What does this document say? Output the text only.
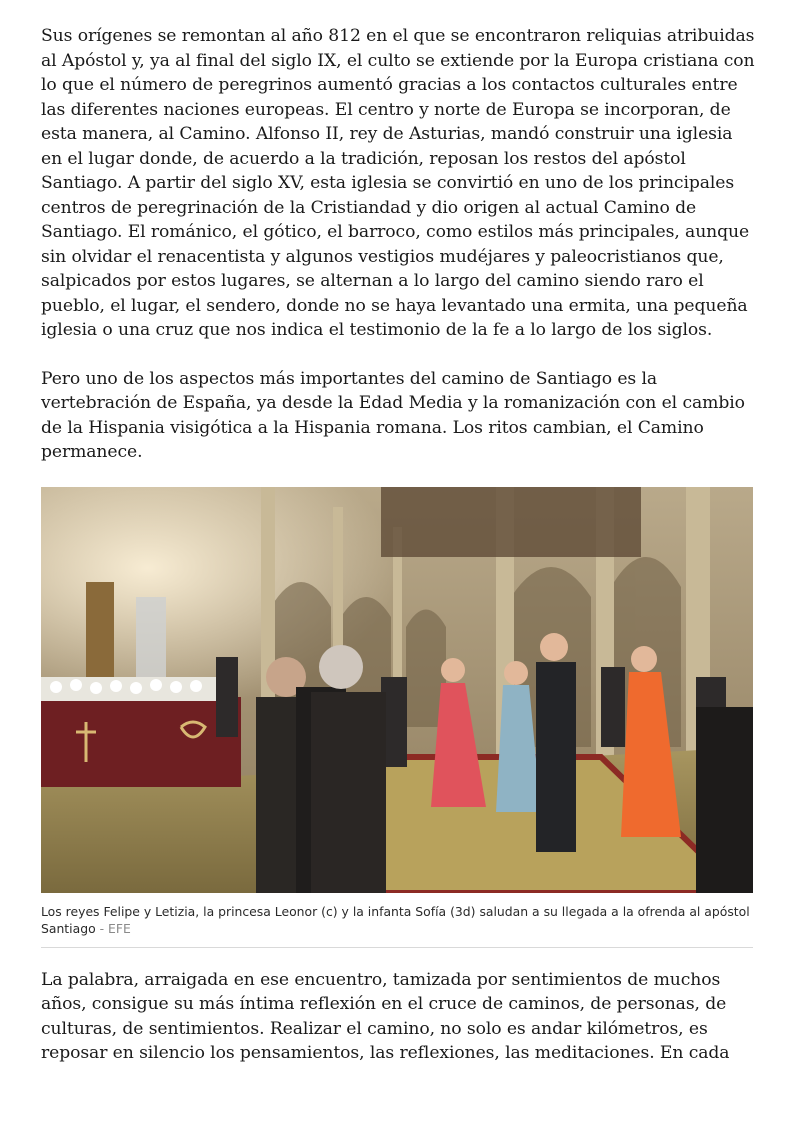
Sus orígenes se remontan al año 812 en el que se encontraron reliquias atribuidas al Apóstol y, ya al final del siglo IX, el culto se extiende por la Europa cristiana con lo que el número de peregrinos aumentó gracias a los contactos culturales entre las diferentes naciones europeas. El centro y norte de Europa se incorporan, de esta manera, al Camino. Alfonso II, rey de Asturias, mandó construir una iglesia en el lugar donde, de acuerdo a la tradición, reposan los restos del apóstol Santiago. A partir del siglo XV, esta iglesia se convirtió en uno de los principales centros de peregrinación de la Cristiandad y dio origen al actual Camino de Santiago. El románico, el gótico, el barroco, como estilos más principales, aunque sin olvidar el renacentista y algunos vestigios mudéjares y paleocristianos que, salpicados por estos lugares, se alternan a lo largo del camino siendo raro el pueblo, el lugar, el sendero, donde no se haya levantado una ermita, una pequeña iglesia o una cruz que nos indica el testimonio de la fe a lo largo de los siglos.

Pero uno de los aspectos más importantes del camino de Santiago es la vertebración de España, ya desde la Edad Media y la romanización con el cambio de la Hispania visigótica a la Hispania romana. Los ritos cambian, el Camino permanece.

Los reyes Felipe y Letizia, la princesa Leonor (c) y la infanta Sofía (3d) saludan a su llegada a la ofrenda al apóstol Santiago - EFE

La palabra, arraigada en ese encuentro, tamizada por sentimientos de muchos años, consigue su más íntima reflexión en el cruce de caminos, de personas, de culturas, de sentimientos. Realizar el camino, no solo es andar kilómetros, es reposar en silencio los pensamientos, las reflexiones, las meditaciones. En cada
